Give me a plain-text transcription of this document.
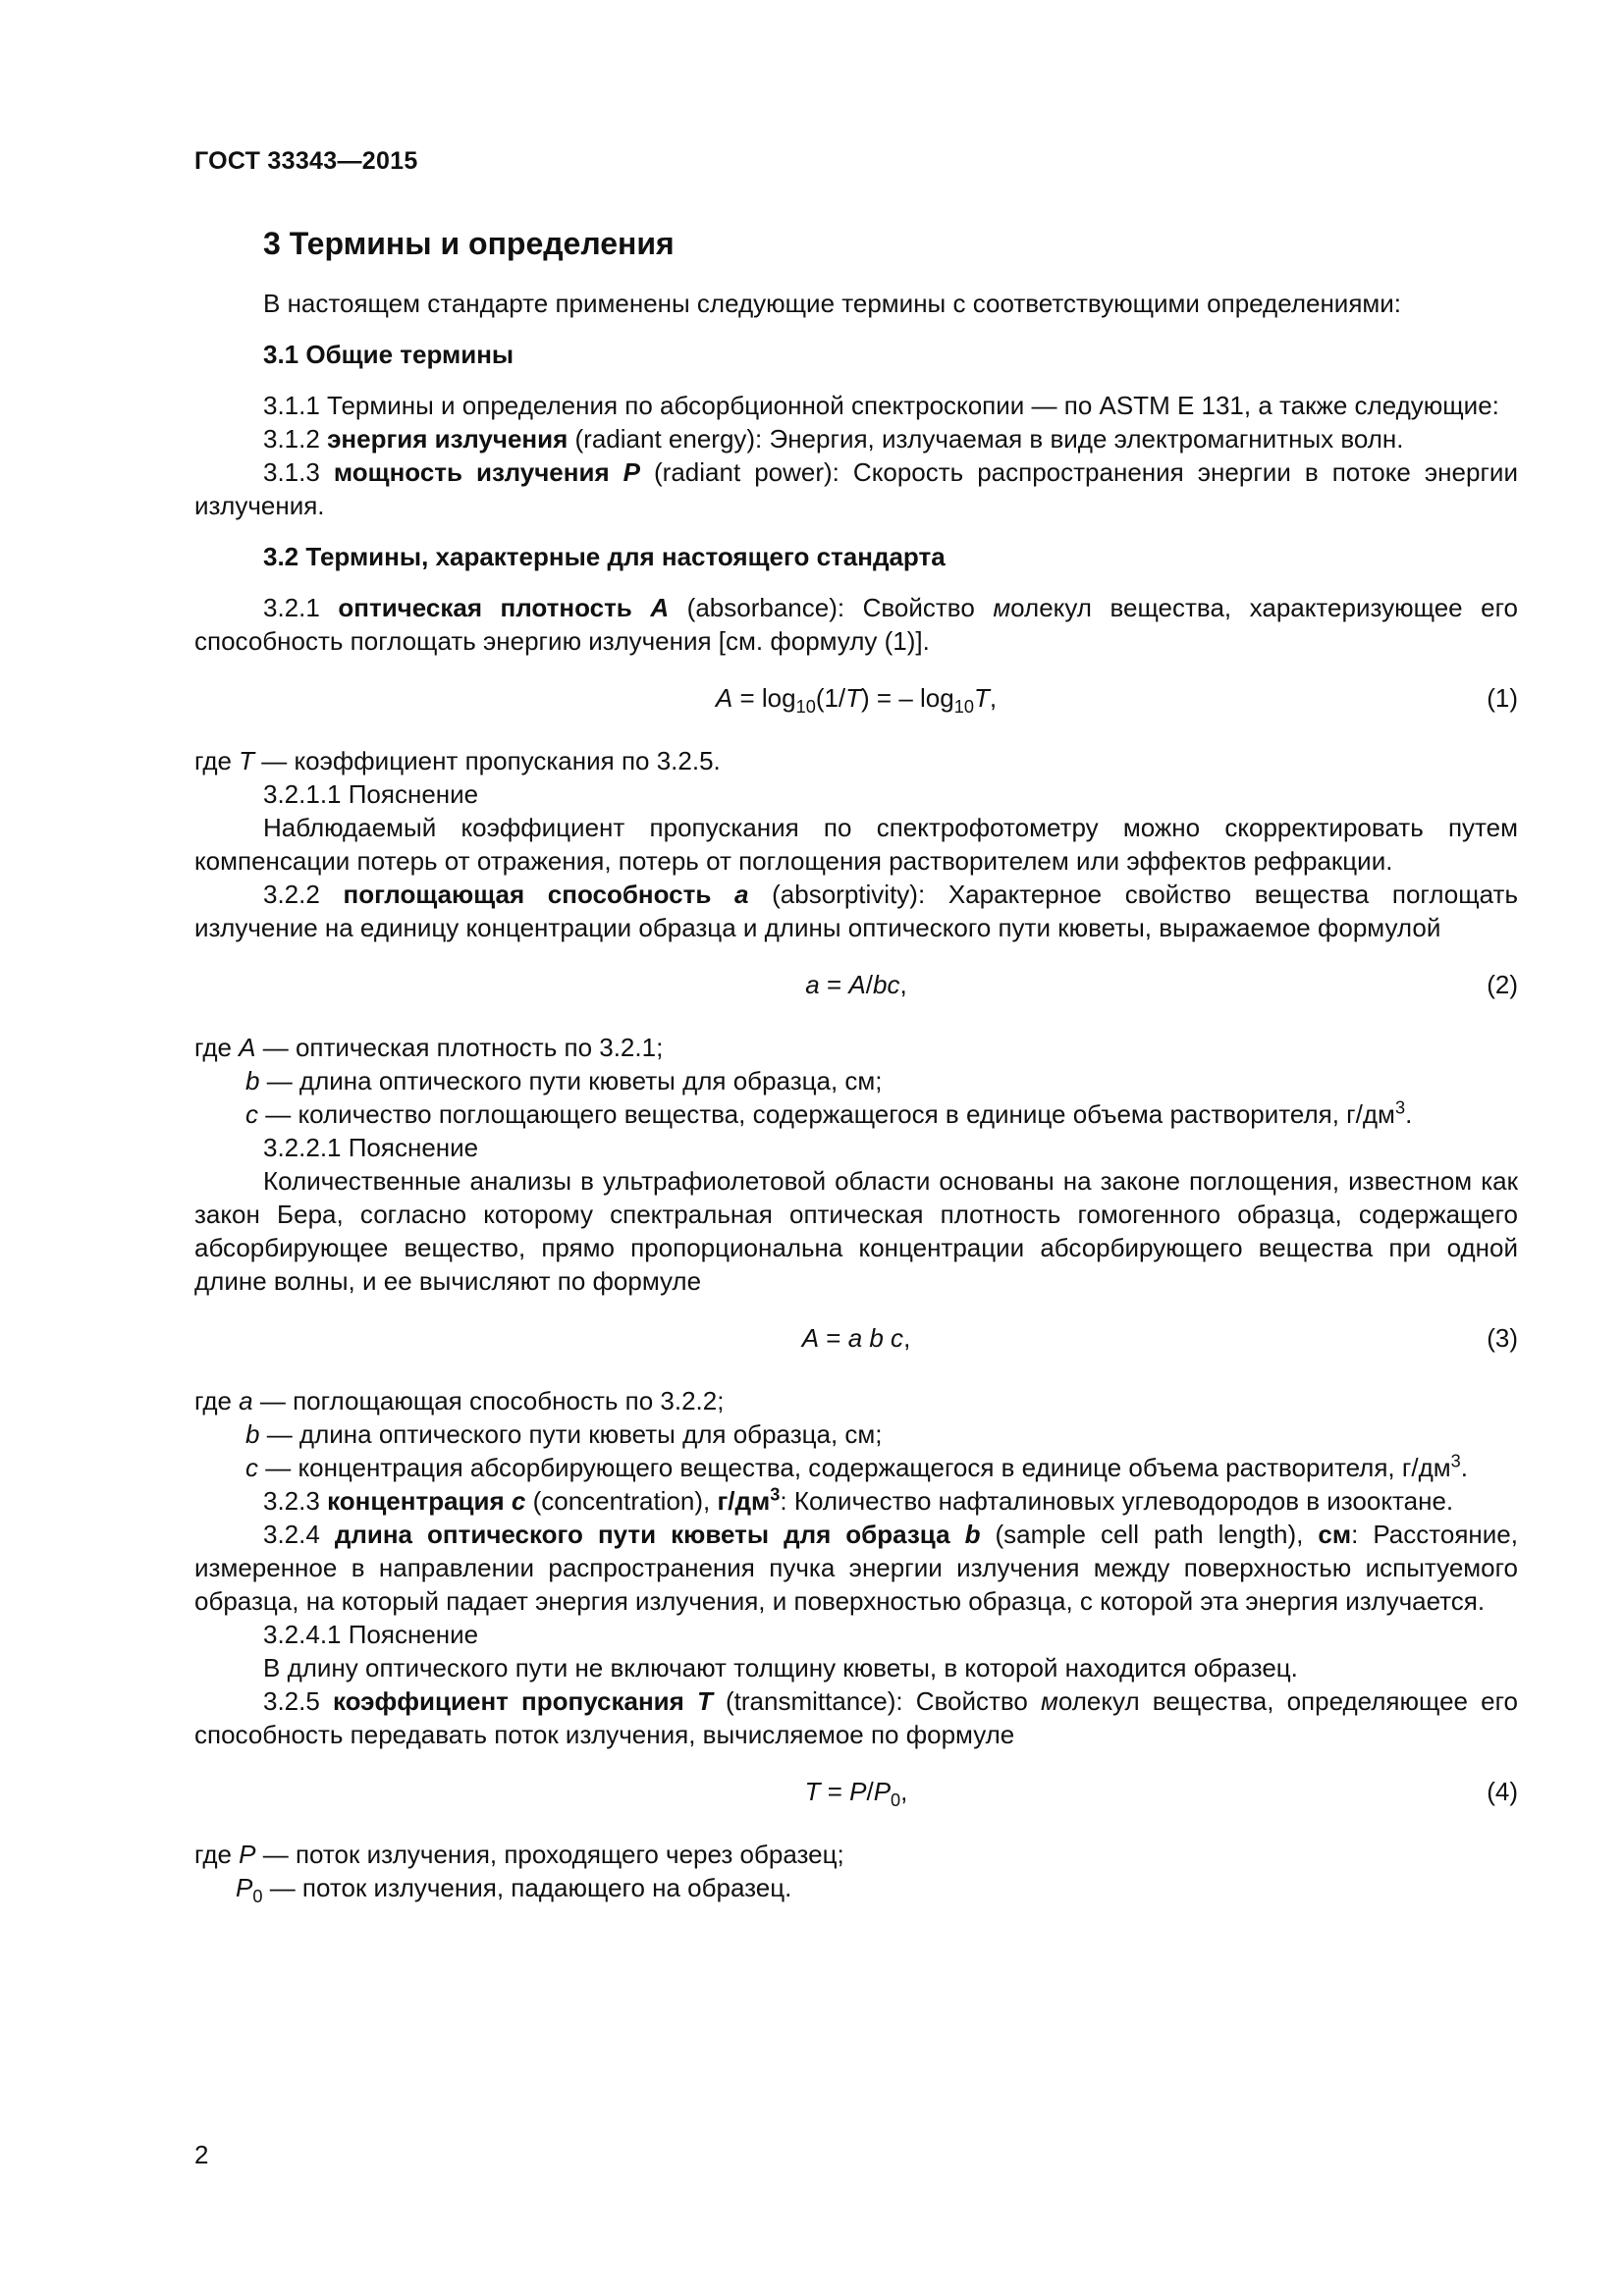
ГОСТ 33343—2015
3 Термины и определения

В настоящем стандарте применены следующие термины с соответствующими определениями:

3.1 Общие термины

3.1.1 Термины и определения по абсорбционной спектроскопии — по ASTM E 131, а также следующие:

3.1.2 энергия излучения (radiant energy): Энергия, излучаемая в виде электромагнитных волн.

3.1.3 мощность излучения P (radiant power): Скорость распространения энергии в потоке энергии излучения.

3.2 Термины, характерные для настоящего стандарта

3.2.1 оптическая плотность A (absorbance): Свойство молекул вещества, характеризующее его способность поглощать энергию излучения [см. формулу (1)].

$A = \log_{10}(1/T)$ = – $\log_{10}T$,	(1)

где T — коэффициент пропускания по 3.2.5.

3.2.1.1 Пояснение

Наблюдаемый коэффициент пропускания по спектрофотометру можно скорректировать путем компенсации потерь от отражения, потерь от поглощения растворителем или эффектов рефракции.

3.2.2 поглощающая способность a (absorptivity): Характерное свойство вещества поглощать излучение на единицу концентрации образца и длины оптического пути кюветы, выражаемое формулой

a = A/bc,	(2)

где A — оптическая плотность по 3.2.1;

b — длина оптического пути кюветы для образца, см;

c — количество поглощающего вещества, содержащегося в единице объема растворителя, $г/дм^3$.

3.2.2.1 Пояснение

Количественные анализы в ультрафиолетовой области основаны на законе поглощения, известном как закон Бера, согласно которому спектральная оптическая плотность гомогенного образца, содержащего абсорбирующее вещество, прямо пропорциональна концентрации абсорбирующего вещества при одной длине волны, и ее вычисляют по формуле

A = a b c,	(3)

где a — поглощающая способность по 3.2.2;

b — длина оптического пути кюветы для образца, см;

c — концентрация абсорбирующего вещества, содержащегося в единице объема растворителя, $г/дм^3$.

3.2.3 концентрация c (concentration), $г/дм^3$: Количество нафталиновых углеводородов в изооктане.

3.2.4 длина оптического пути кюветы для образца b (sample cell path length), см: Расстояние, измеренное в направлении распространения пучка энергии излучения между поверхностью испытуемого образца, на который падает энергия излучения, и поверхностью образца, с которой эта энергия излучается.

3.2.4.1 Пояснение

В длину оптического пути не включают толщину кюветы, в которой находится образец.

3.2.5 коэффициент пропускания T (transmittance): Свойство молекул вещества, определяющее его способность передавать поток излучения, вычисляемое по формуле

$T = P/P_0$,	(4)

где P — поток излучения, проходящего через образец;

$P_0$ — поток излучения, падающего на образец.

2
